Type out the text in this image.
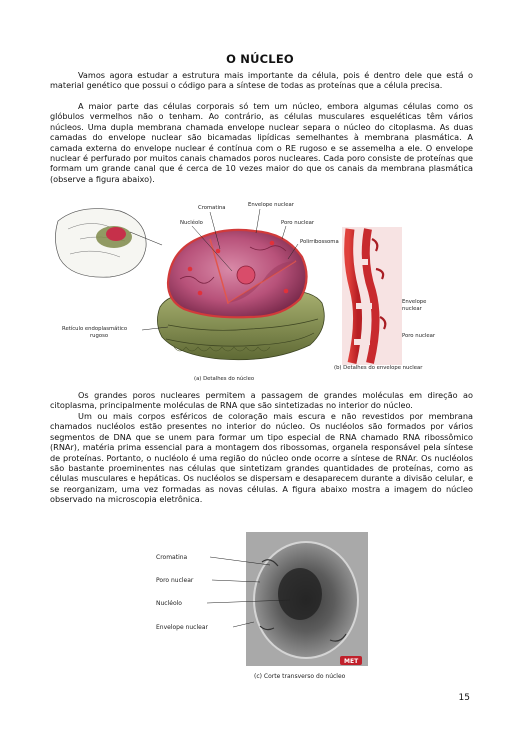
O NÚCLEO

Vamos agora estudar a estrutura mais importante da célula, pois é dentro dele que está o material genético que possui o código para a síntese de todas as proteínas que a célula precisa.

A maior parte das células corporais só tem um núcleo, embora algumas células como os glóbulos vermelhos não o tenham. Ao contrário, as células musculares esqueléticas têm vários núcleos. Uma dupla membrana chamada envelope nuclear separa o núcleo do citoplasma. As duas camadas do envelope nuclear são bicamadas lipídicas semelhantes à membrana plasmática. A camada externa do envelope nuclear é contínua com o RE rugoso e se assemelha a ele. O envelope nuclear é perfurado por muitos canais chamados poros nucleares. Cada poro consiste de proteínas que formam um grande canal que é cerca de 10 vezes maior do que os canais da membrana plasmática (observe a figura abaixo).

Cromatina	Envelope nuclear
Nucléolo	Poro nuclear
Polirribossoma
Retículo endoplasmático
rugoso
Envelope
nuclear
Poro nuclear
(a) Detalhes do núcleo
(b) Detalhes do envelope nuclear

Os grandes poros nucleares permitem a passagem de grandes moléculas em direção ao citoplasma, principalmente moléculas de RNA que são sintetizadas no interior do núcleo.

Um ou mais corpos esféricos de coloração mais escura e não revestidos por membrana chamados nucléolos estão presentes no interior do núcleo. Os nucléolos são formados por vários segmentos de DNA que se unem para formar um tipo especial de RNA chamado RNA ribossômico (RNAr), matéria prima essencial para a montagem dos ribossomas, organela responsável pela síntese de proteínas. Portanto, o nucléolo é uma região do núcleo onde ocorre a síntese de RNAr. Os nucléolos são bastante proeminentes nas células que sintetizam grandes quantidades de proteínas, como as células musculares e hepáticas. Os nucléolos se dispersam e desaparecem durante a divisão celular, e se reorganizam, uma vez formadas as novas células. A figura abaixo mostra a imagem do núcleo observado na microscopia eletrônica.

Cromatina
Poro nuclear
Nucléolo
Envelope nuclear
MET
(c) Corte transverso do núcleo
15
